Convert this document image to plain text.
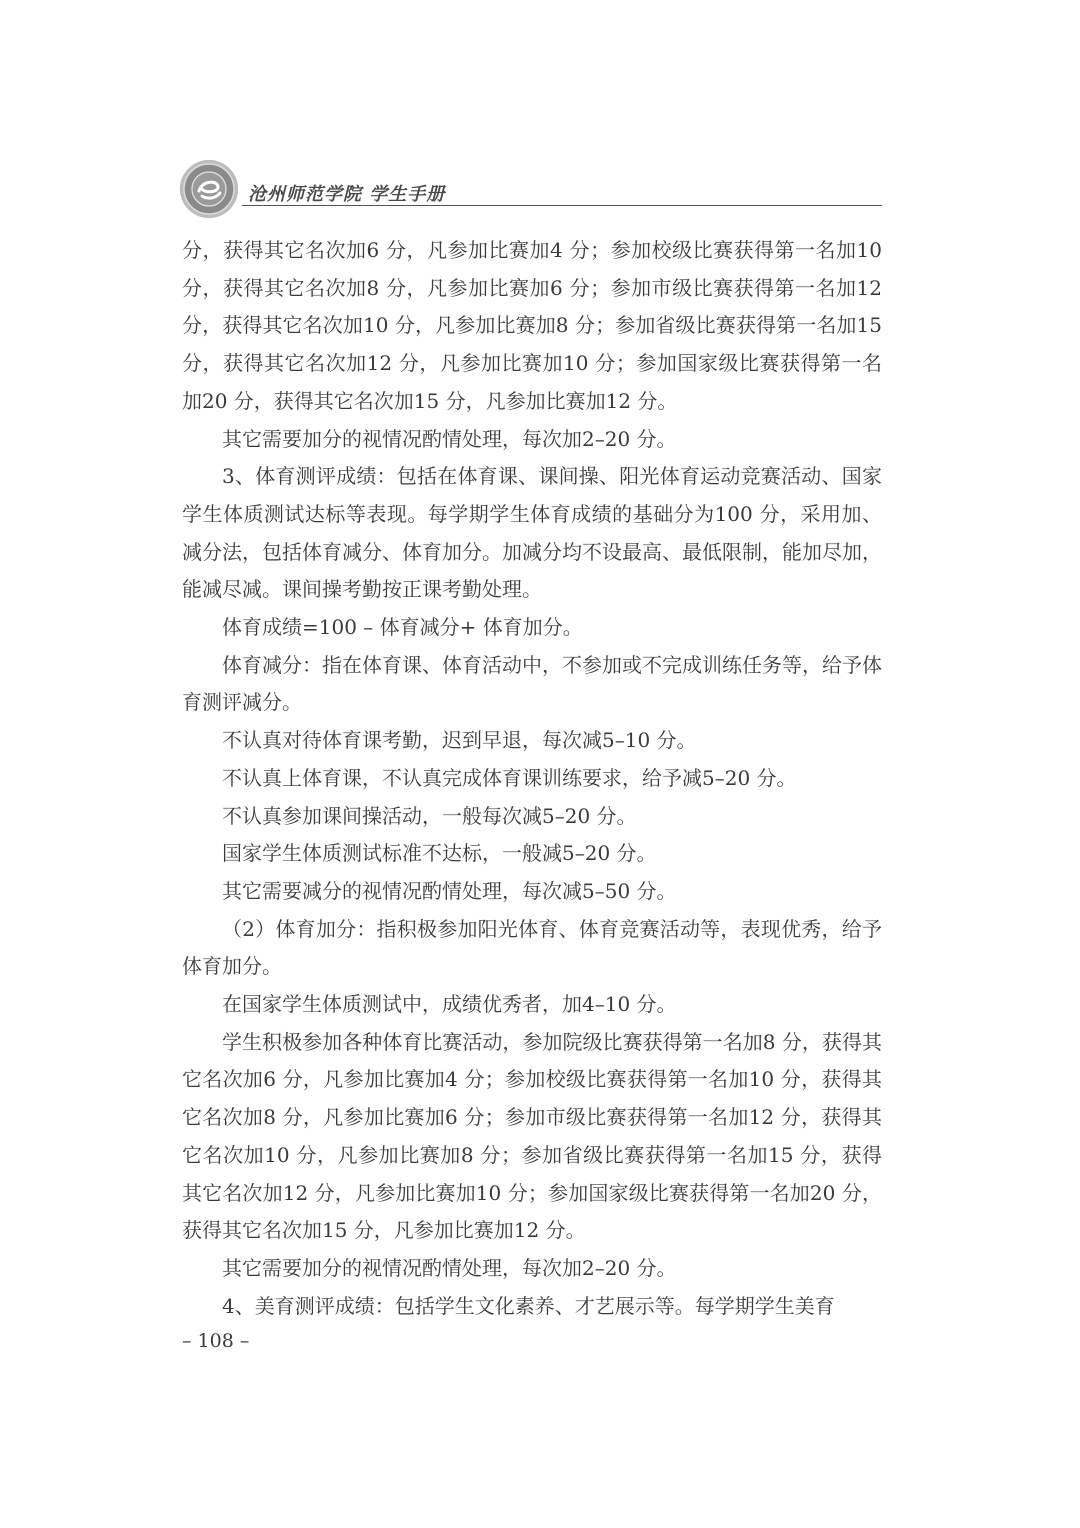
沧州师范学院 学生手册

分，获得其它名次加6 分，凡参加比赛加4 分；参加校级比赛获得第一名加10 分，获得其它名次加8 分，凡参加比赛加6 分；参加市级比赛获得第一名加12 分，获得其它名次加10 分，凡参加比赛加8 分；参加省级比赛获得第一名加15 分，获得其它名次加12 分，凡参加比赛加10 分；参加国家级比赛获得第一名加20 分，获得其它名次加15 分，凡参加比赛加12 分。

其它需要加分的视情况酌情处理，每次加2–20 分。

3、体育测评成绩：包括在体育课、课间操、阳光体育运动竞赛活动、国家学生体质测试达标等表现。每学期学生体育成绩的基础分为100 分，采用加、减分法，包括体育减分、体育加分。加减分均不设最高、最低限制，能加尽加，能减尽减。课间操考勤按正课考勤处理。

体育成绩=100 – 体育减分+ 体育加分。

体育减分：指在体育课、体育活动中，不参加或不完成训练任务等，给予体育测评减分。

不认真对待体育课考勤，迟到早退，每次减5–10 分。

不认真上体育课，不认真完成体育课训练要求，给予减5–20 分。

不认真参加课间操活动，一般每次减5–20 分。

国家学生体质测试标准不达标，一般减5–20 分。

其它需要减分的视情况酌情处理，每次减5–50 分。

（2）体育加分：指积极参加阳光体育、体育竞赛活动等，表现优秀，给予体育加分。

在国家学生体质测试中，成绩优秀者，加4–10 分。

学生积极参加各种体育比赛活动，参加院级比赛获得第一名加8 分，获得其它名次加6 分，凡参加比赛加4 分；参加校级比赛获得第一名加10 分，获得其它名次加8 分，凡参加比赛加6 分；参加市级比赛获得第一名加12 分，获得其它名次加10 分，凡参加比赛加8 分；参加省级比赛获得第一名加15 分，获得其它名次加12 分，凡参加比赛加10 分；参加国家级比赛获得第一名加20 分，获得其它名次加15 分，凡参加比赛加12 分。

其它需要加分的视情况酌情处理，每次加2–20 分。

4、美育测评成绩：包括学生文化素养、才艺展示等。每学期学生美育

– 108 –
